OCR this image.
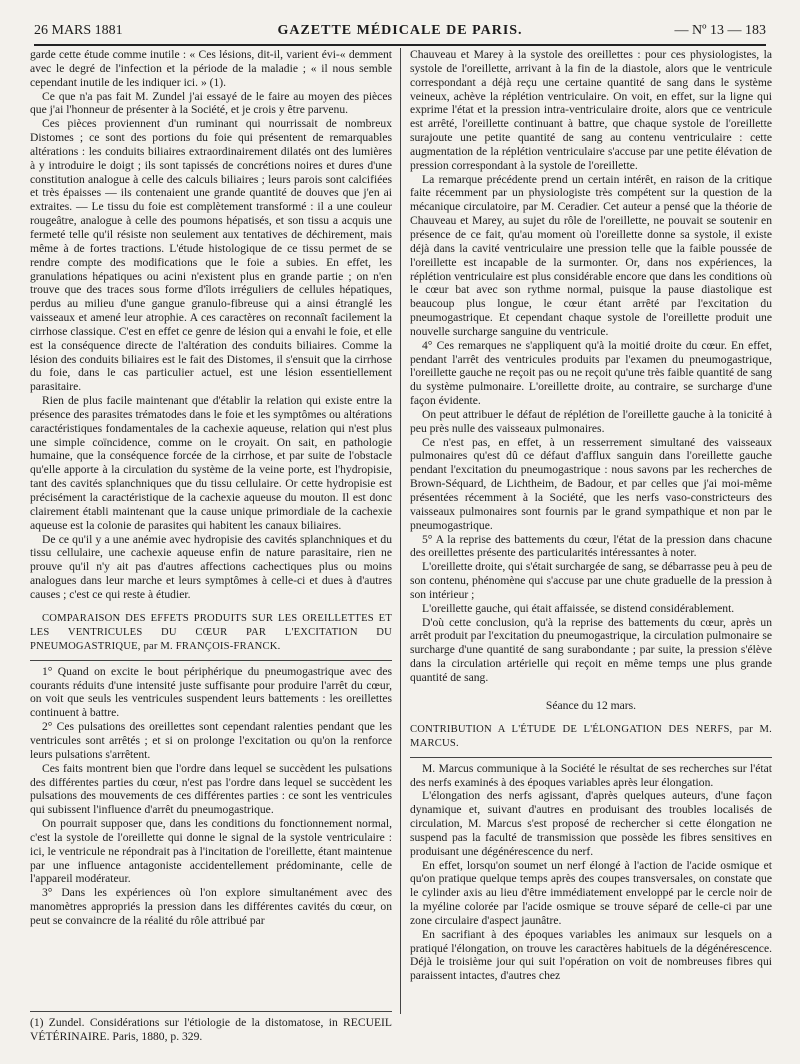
26 MARS 1881	GAZETTE MÉDICALE DE PARIS.	— Nº 13 — 183

garde cette étude comme inutile : « Ces lésions, dit-il, varient évi-« demment avec le degré de l'infection et la période de la maladie ; « il nous semble cependant inutile de les indiquer ici. » (1).

Ce que n'a pas fait M. Zundel j'ai essayé de le faire au moyen des pièces que j'ai l'honneur de présenter à la Société, et je crois y être parvenu.

Ces pièces proviennent d'un ruminant qui nourrissait de nombreux Distomes ; ce sont des portions du foie qui présentent de remarquables altérations : les conduits biliaires extraordinairement dilatés ont des lumières à y introduire le doigt ; ils sont tapissés de concrétions noires et dures d'une constitution analogue à celle des calculs biliaires ; leurs parois sont calcifiées et très épaisses — ils contenaient une grande quantité de douves que j'en ai extraites. — Le tissu du foie est complètement transformé : il a une couleur rougeâtre, analogue à celle des poumons hépatisés, et son tissu a acquis une fermeté telle qu'il résiste non seulement aux tentatives de déchirement, mais même à de fortes tractions. L'étude histologique de ce tissu permet de se rendre compte des modifications que le foie a subies. En effet, les granulations hépatiques ou acini n'existent plus en grande partie ; on n'en trouve que des traces sous forme d'îlots irréguliers de cellules hépatiques, perdus au milieu d'une gangue granulo-fibreuse qui a ainsi étranglé les vaisseaux et amené leur atrophie. A ces caractères on reconnaît facilement la cirrhose classique. C'est en effet ce genre de lésion qui a envahi le foie, et elle est la conséquence directe de l'altération des conduits biliaires. Comme la lésion des conduits biliaires est le fait des Distomes, il s'ensuit que la cirrhose du foie, dans le cas particulier actuel, est une lésion essentiellement parasitaire.

Rien de plus facile maintenant que d'établir la relation qui existe entre la présence des parasites trématodes dans le foie et les symptômes ou altérations caractéristiques fondamentales de la cachexie aqueuse, relation qui n'est plus une simple coïncidence, comme on le croyait. On sait, en pathologie humaine, que la conséquence forcée de la cirrhose, et par suite de l'obstacle qu'elle apporte à la circulation du système de la veine porte, est l'hydropisie, tant des cavités splanchniques que du tissu cellulaire. Or cette hydropisie est précisément la caractéristique de la cachexie aqueuse du mouton. Il est donc clairement établi maintenant que la cause unique primordiale de la cachexie aqueuse est la colonie de parasites qui habitent les canaux biliaires.

De ce qu'il y a une anémie avec hydropisie des cavités splanchniques et du tissu cellulaire, une cachexie aqueuse enfin de nature parasitaire, rien ne prouve qu'il n'y ait pas d'autres affections cachectiques plus ou moins analogues dans leur marche et leurs symptômes à celle-ci et dues à d'autres causes ; c'est ce qui reste à étudier.

COMPARAISON DES EFFETS PRODUITS SUR LES OREILLETTES ET LES VENTRICULES DU CŒUR PAR L'EXCITATION DU PNEUMOGASTRIQUE, par M. FRANÇOIS-FRANCK.

1° Quand on excite le bout périphérique du pneumogastrique avec des courants réduits d'une intensité juste suffisante pour produire l'arrêt du cœur, on voit que seuls les ventricules suspendent leurs battements : les oreillettes continuent à battre.

2° Ces pulsations des oreillettes sont cependant ralenties pendant que les ventricules sont arrêtés ; et si on prolonge l'excitation ou qu'on la renforce leurs pulsations s'arrêtent.

Ces faits montrent bien que l'ordre dans lequel se succèdent les pulsations des différentes parties du cœur, n'est pas l'ordre dans lequel se succèdent les pulsations des mouvements de ces différentes parties : ce sont les ventricules qui subissent l'influence d'arrêt du pneumogastrique.

On pourrait supposer que, dans les conditions du fonctionnement normal, c'est la systole de l'oreillette qui donne le signal de la systole ventriculaire : ici, le ventricule ne répondrait pas à l'incitation de l'oreillette, étant maintenue par une influence antagoniste accidentellement prédominante, celle de l'appareil modérateur.

3° Dans les expériences où l'on explore simultanément avec des manomètres appropriés la pression dans les différentes cavités du cœur, on peut se convaincre de la réalité du rôle attribué par

Chauveau et Marey à la systole des oreillettes : pour ces physiologistes, la systole de l'oreillette, arrivant à la fin de la diastole, alors que le ventricule correspondant a déjà reçu une certaine quantité de sang dans le système veineux, achève la réplétion ventriculaire. On voit, en effet, sur la ligne qui exprime l'état et la pression intra-ventriculaire droite, alors que ce ventricule est arrêté, l'oreillette continuant à battre, que chaque systole de l'oreillette surajoute une petite quantité de sang au contenu ventriculaire : cette augmentation de la réplétion ventriculaire s'accuse par une petite élévation de pression correspondant à la systole de l'oreillette.

La remarque précédente prend un certain intérêt, en raison de la critique faite récemment par un physiologiste très compétent sur la question de la mécanique circulatoire, par M. Ceradier. Cet auteur a pensé que la théorie de Chauveau et Marey, au sujet du rôle de l'oreillette, ne pouvait se soutenir en présence de ce fait, qu'au moment où l'oreillette donne sa systole, il existe déjà dans la cavité ventriculaire une pression telle que la faible poussée de l'oreillette est incapable de la surmonter. Or, dans nos expériences, la réplétion ventriculaire est plus considérable encore que dans les conditions où le cœur bat avec son rythme normal, puisque la pause diastolique est beaucoup plus longue, le cœur étant arrêté par l'excitation du pneumogastrique. Et cependant chaque systole de l'oreillette produit une nouvelle surcharge sanguine du ventricule.

4° Ces remarques ne s'appliquent qu'à la moitié droite du cœur. En effet, pendant l'arrêt des ventricules produits par l'examen du pneumogastrique, l'oreillette gauche ne reçoit pas ou ne reçoit qu'une très faible quantité de sang du système pulmonaire. L'oreillette droite, au contraire, se surcharge d'une façon évidente.

On peut attribuer le défaut de réplétion de l'oreillette gauche à la tonicité à peu près nulle des vaisseaux pulmonaires.

Ce n'est pas, en effet, à un resserrement simultané des vaisseaux pulmonaires qu'est dû ce défaut d'afflux sanguin dans l'oreillette gauche pendant l'excitation du pneumogastrique : nous savons par les recherches de Brown-Séquard, de Lichtheim, de Badour, et par celles que j'ai moi-même présentées récemment à la Société, que les nerfs vaso-constricteurs des vaisseaux pulmonaires sont fournis par le grand sympathique et non par le pneumogastrique.

5° A la reprise des battements du cœur, l'état de la pression dans chacune des oreillettes présente des particularités intéressantes à noter.

L'oreillette droite, qui s'était surchargée de sang, se débarrasse peu à peu de son contenu, phénomène qui s'accuse par une chute graduelle de la pression à son intérieur ;

L'oreillette gauche, qui était affaissée, se distend considérablement.

D'où cette conclusion, qu'à la reprise des battements du cœur, après un arrêt produit par l'excitation du pneumogastrique, la circulation pulmonaire se surcharge d'une quantité de sang surabondante ; par suite, la pression s'élève dans la circulation artérielle qui reçoit en même temps une plus grande quantité de sang.

Séance du 12 mars.

CONTRIBUTION A L'ÉTUDE DE L'ÉLONGATION DES NERFS, par M. MARCUS.

M. Marcus communique à la Société le résultat de ses recherches sur l'état des nerfs examinés à des époques variables après leur élongation.

L'élongation des nerfs agissant, d'après quelques auteurs, d'une façon dynamique et, suivant d'autres en produisant des troubles localisés de circulation, M. Marcus s'est proposé de rechercher si cette élongation ne suspend pas la faculté de transmission que possède les fibres sensitives en produisant une dégénérescence du nerf.

En effet, lorsqu'on soumet un nerf élongé à l'action de l'acide osmique et qu'on pratique quelque temps après des coupes transversales, on constate que le cylinder axis au lieu d'être immédiatement enveloppé par le cercle noir de la myéline colorée par l'acide osmique se trouve séparé de celle-ci par une zone circulaire d'aspect jaunâtre.

En sacrifiant à des époques variables les animaux sur lesquels on a pratiqué l'élongation, on trouve les caractères habituels de la dégénérescence. Déjà le troisième jour qui suit l'opération on voit de nombreuses fibres qui paraissent intactes, d'autres chez

(1) Zundel. Considérations sur l'étiologie de la distomatose, in RECUEIL VÉTÉRINAIRE. Paris, 1880, p. 329.
